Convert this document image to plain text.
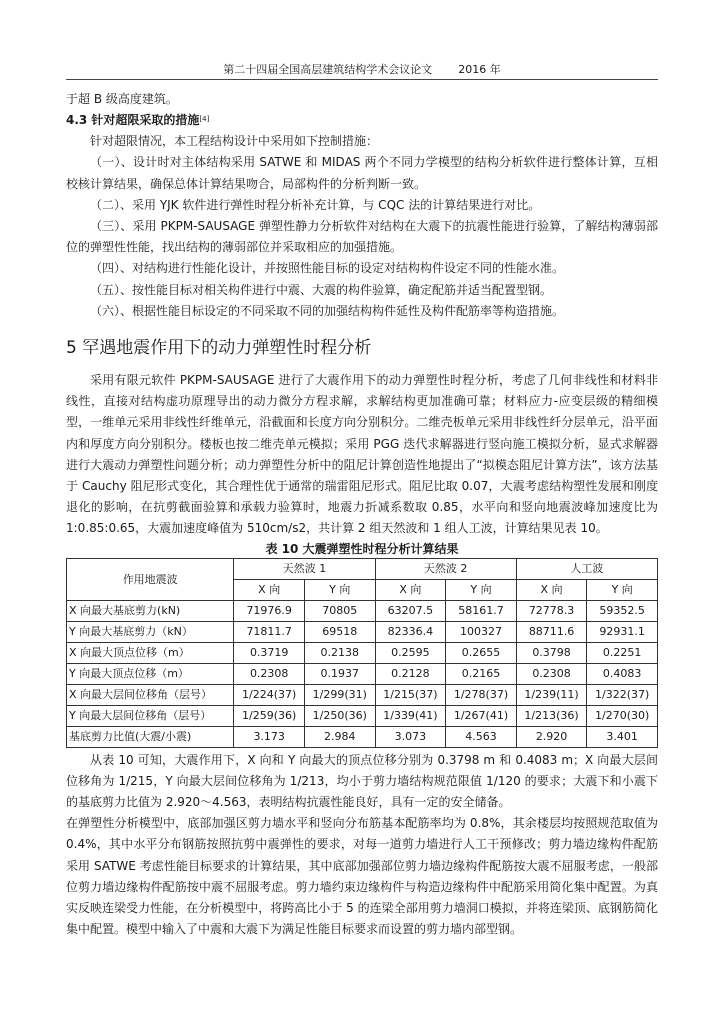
第二十四届全国高层建筑结构学术会议论文 2016 年

于超 B 级高度建筑。

4.3 针对超限采取的措施[4]

针对超限情况，本工程结构设计中采用如下控制措施：

（一）、设计时对主体结构采用 SATWE 和 MIDAS 两个不同力学模型的结构分析软件进行整体计算，互相校核计算结果，确保总体计算结果吻合，局部构件的分析判断一致。

（二）、采用 YJK 软件进行弹性时程分析补充计算，与 CQC 法的计算结果进行对比。

（三）、采用 PKPM-SAUSAGE 弹塑性静力分析软件对结构在大震下的抗震性能进行验算，了解结构薄弱部位的弹塑性性能，找出结构的薄弱部位并采取相应的加强措施。

（四）、对结构进行性能化设计，并按照性能目标的设定对结构构件设定不同的性能水准。

（五）、按性能目标对相关构件进行中震、大震的构件验算，确定配筋并适当配置型钢。

（六）、根据性能目标设定的不同采取不同的加强结构构件延性及构件配筋率等构造措施。

5 罕遇地震作用下的动力弹塑性时程分析

采用有限元软件 PKPM-SAUSAGE 进行了大震作用下的动力弹塑性时程分析，考虑了几何非线性和材料非线性，直接对结构虚功原理导出的动力微分方程求解，求解结构更加准确可靠；材料应力-应变层级的精细模型，一维单元采用非线性纤维单元，沿截面和长度方向分别积分。二维壳板单元采用非线性纤分层单元，沿平面内和厚度方向分别积分。楼板也按二维壳单元模拟；采用 PGG 迭代求解器进行竖向施工模拟分析，显式求解器进行大震动力弹塑性问题分析；动力弹塑性分析中的阻尼计算创造性地提出了“拟模态阻尼计算方法”，该方法基于 Cauchy 阻尼形式变化，其合理性优于通常的瑞雷阻尼形式。阻尼比取 0.07，大震考虑结构塑性发展和刚度退化的影响，在抗剪截面验算和承载力验算时，地震力折减系数取 0.85，水平向和竖向地震波峰加速度比为 1:0.85:0.65，大震加速度峰值为 510cm/s2，共计算 2 组天然波和 1 组人工波，计算结果见表 10。

表 10 大震弹塑性时程分析计算结果
作用地震波	天然波 1		天然波 2		人工波	
	X 向	Y 向	X 向	Y 向	X 向	Y 向
X 向最大基底剪力(kN)	71976.9	70805	63207.5	58161.7	72778.3	59352.5
Y 向最大基底剪力（kN）	71811.7	69518	82336.4	100327	88711.6	92931.1
X 向最大顶点位移（m）	0.3719	0.2138	0.2595	0.2655	0.3798	0.2251
Y 向最大顶点位移（m）	0.2308	0.1937	0.2128	0.2165	0.2308	0.4083
X 向最大层间位移角（层号）	1/224(37)	1/299(31)	1/215(37)	1/278(37)	1/239(11)	1/322(37)
Y 向最大层间位移角（层号）	1/259(36)	1/250(36)	1/339(41)	1/267(41)	1/213(36)	1/270(30)
基底剪力比值(大震/小震)	3.173	2.984	3.073	4.563	2.920	3.401

从表 10 可知，大震作用下，X 向和 Y 向最大的顶点位移分别为 0.3798 m 和 0.4083 m；X 向最大层间位移角为 1/215，Y 向最大层间位移角为 1/213，均小于剪力墙结构规范限值 1/120 的要求；大震下和小震下的基底剪力比值为 2.920～4.563，表明结构抗震性能良好，具有一定的安全储备。

在弹塑性分析模型中，底部加强区剪力墙水平和竖向分布筋基本配筋率均为 0.8%，其余楼层均按照规范取值为 0.4%，其中水平分布钢筋按照抗剪中震弹性的要求，对每一道剪力墙进行人工干预修改；剪力墙边缘构件配筋采用 SATWE 考虑性能目标要求的计算结果，其中底部加强部位剪力墙边缘构件配筋按大震不屈服考虑，一般部位剪力墙边缘构件配筋按中震不屈服考虑。剪力墙约束边缘构件与构造边缘构件中配筋采用简化集中配置。为真实反映连梁受力性能，在分析模型中，将跨高比小于 5 的连梁全部用剪力墙洞口模拟，并将连梁顶、底钢筋简化集中配置。模型中输入了中震和大震下为满足性能目标要求而设置的剪力墙内部型钢。
